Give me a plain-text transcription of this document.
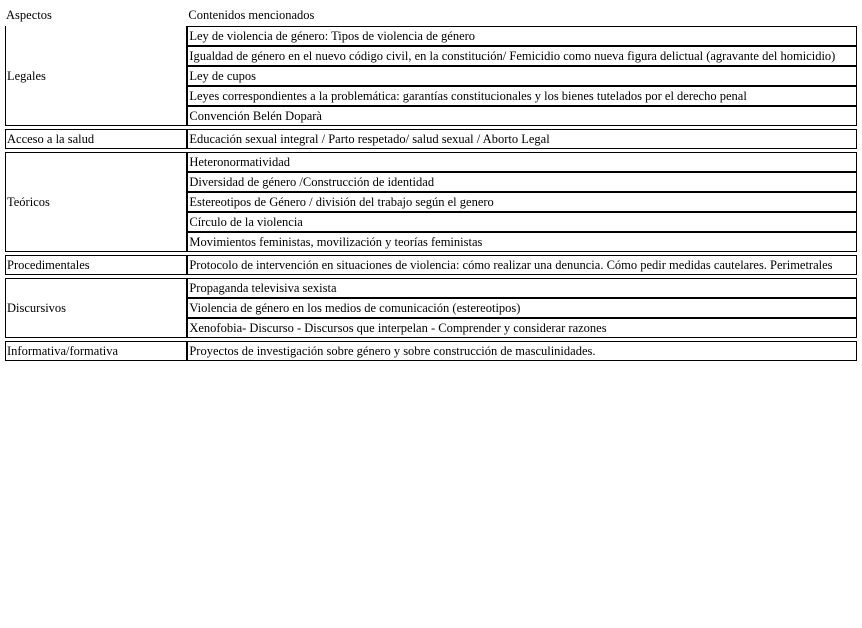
Aspectos	Contenidos mencionados
Legales	Ley de violencia de género: Tipos de violencia de género
	Igualdad de género en el nuevo código civil, en la constitución/ Femicidio como nueva figura delictual (agravante del homicidio)
	Ley de cupos
	Leyes correspondientes a la problemática: garantías constitucionales y los bienes tutelados por el derecho penal
	Convención Belén Doparà

Acceso a la salud	Educación sexual integral / Parto respetado/ salud sexual / Aborto Legal

Teóricos	Heteronormatividad
	Diversidad de género /Construcción de identidad
	Estereotipos de Género / división del trabajo según el genero
	Círculo de la violencia
	Movimientos feministas, movilización y teorías feministas

Procedimentales	Protocolo de intervención en situaciones de violencia: cómo realizar una denuncia. Cómo pedir medidas cautelares. Perimetrales

Discursivos	Propaganda televisiva sexista
	Violencia de género en los medios de comunicación (estereotipos)
	Xenofobia- Discurso - Discursos que interpelan - Comprender y considerar razones

Informativa/formativa	Proyectos de investigación sobre género y sobre construcción de masculinidades.
